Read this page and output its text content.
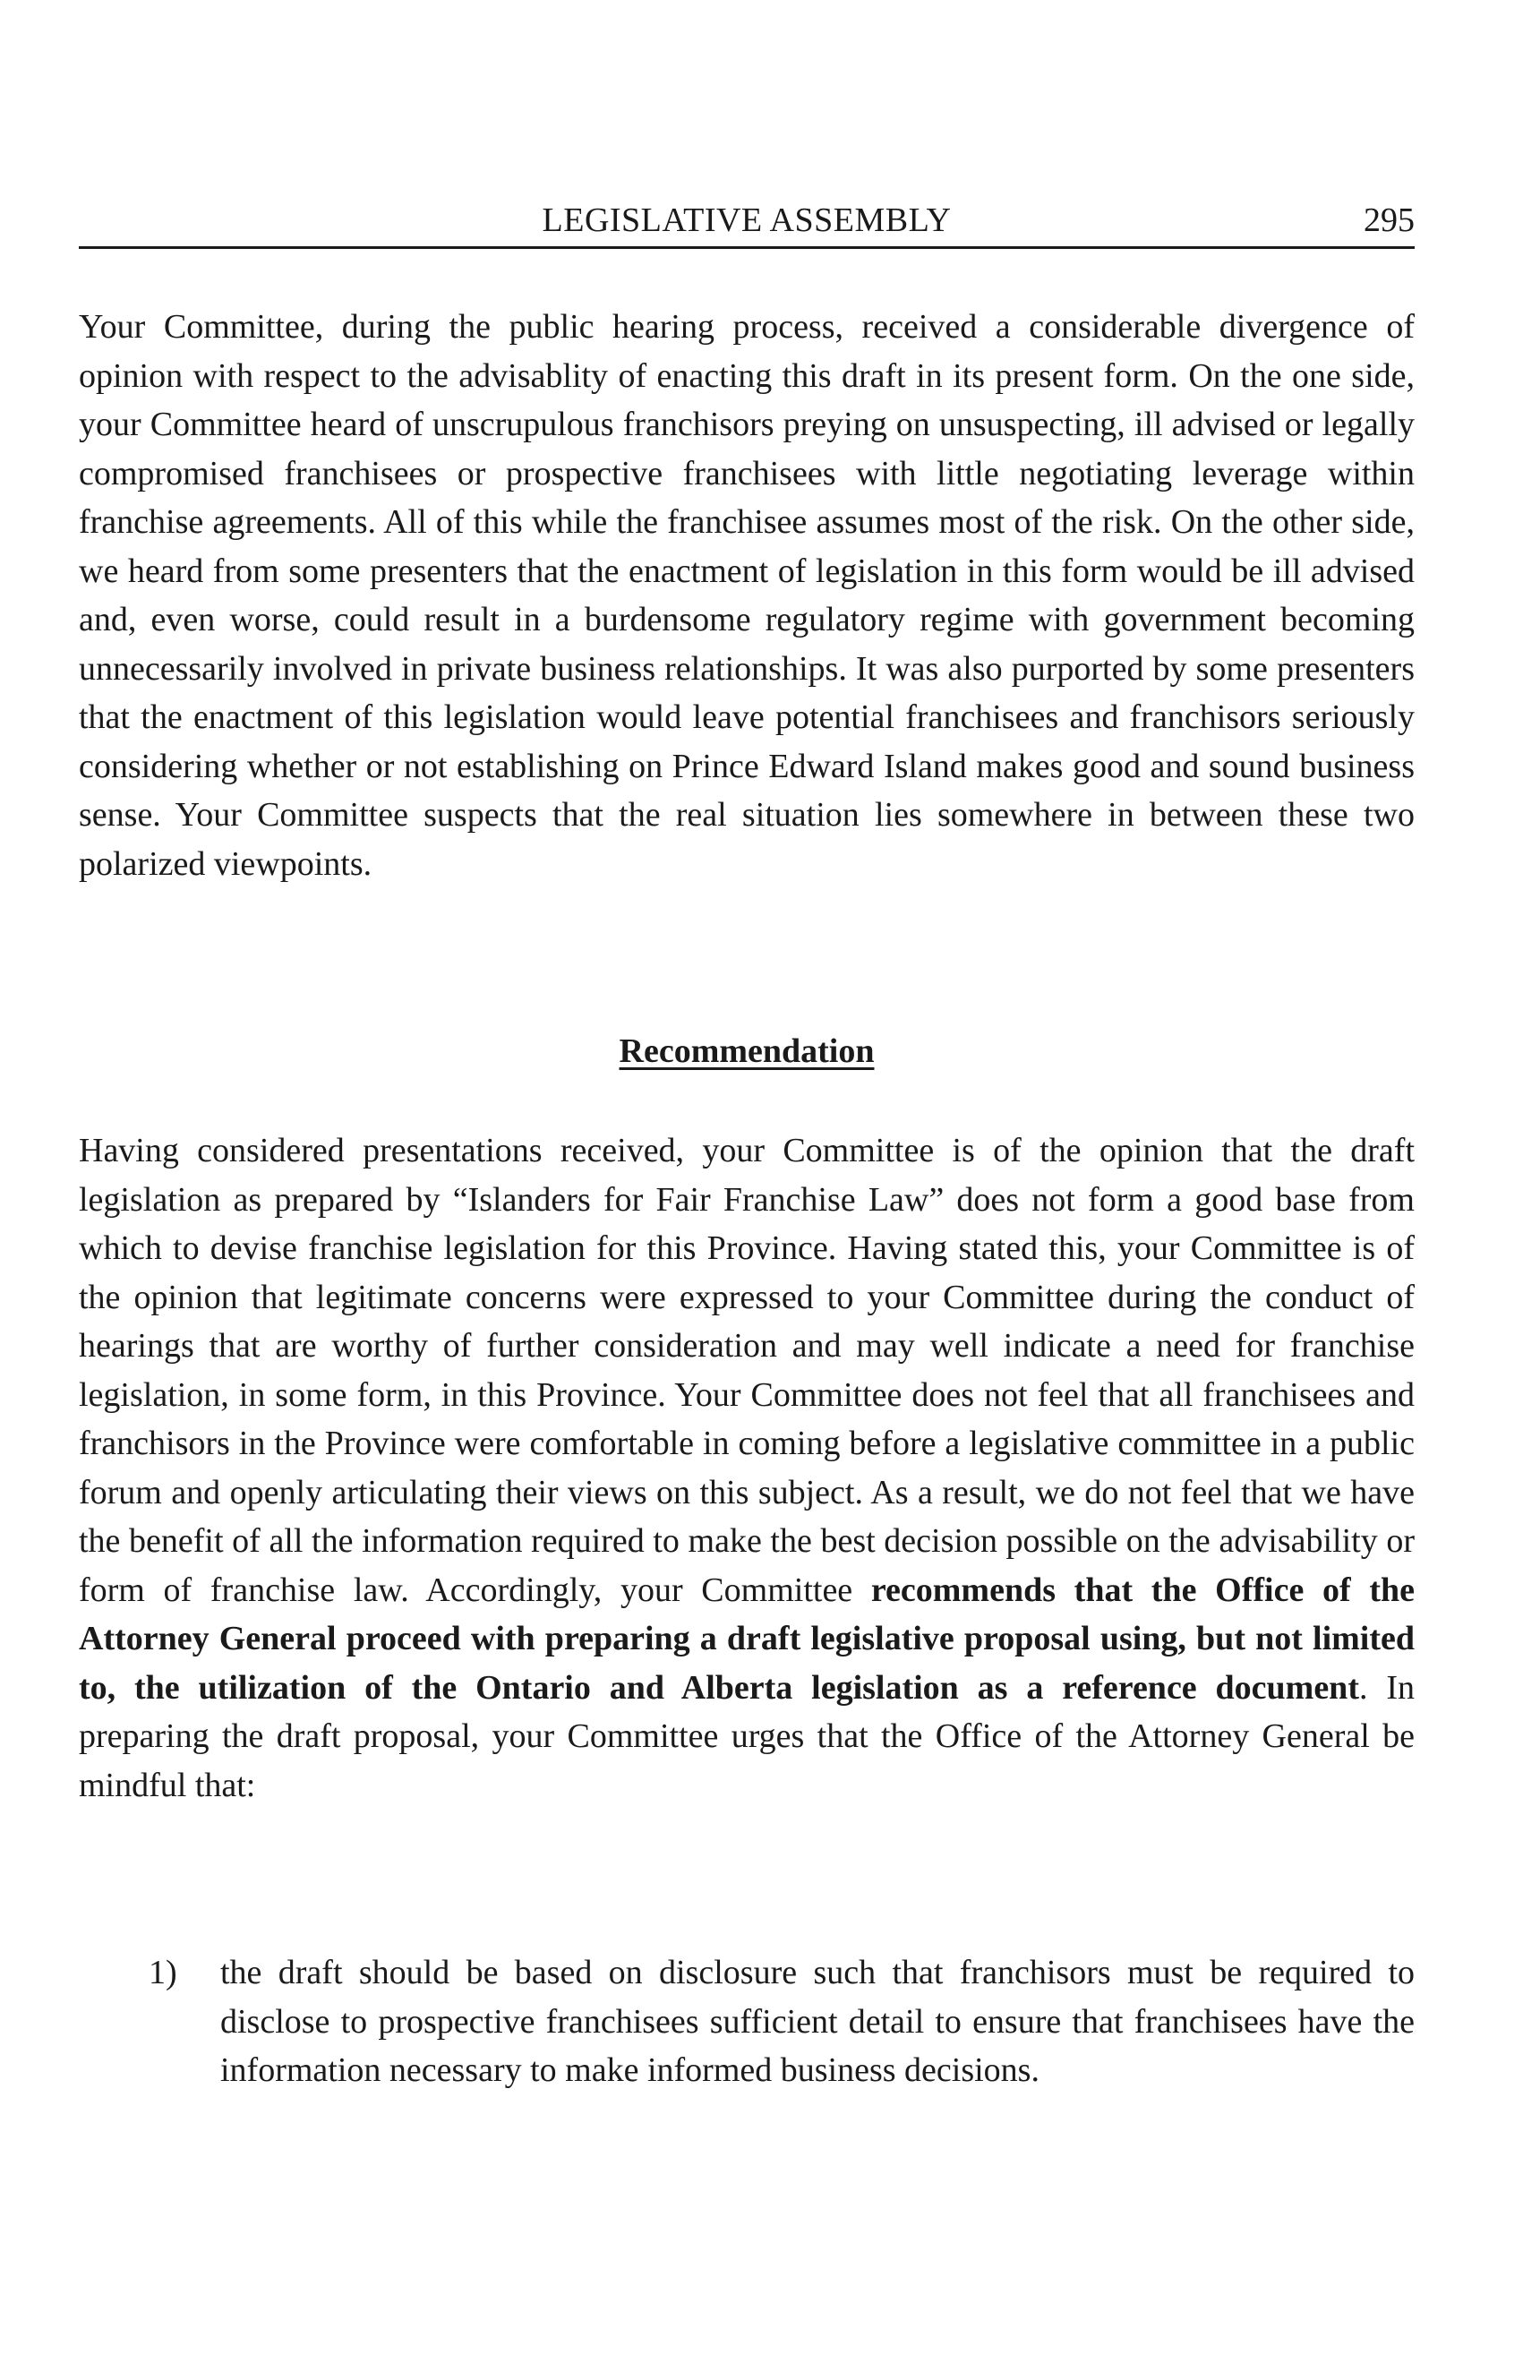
LEGISLATIVE ASSEMBLY	295

Your Committee, during the public hearing process, received a considerable divergence of opinion with respect to the advisablity of enacting this draft in its present form. On the one side, your Committee heard of unscrupulous franchisors preying on unsuspecting, ill advised or legally compromised franchisees or prospective franchisees with little negotiating leverage within franchise agreements. All of this while the franchisee assumes most of the risk. On the other side, we heard from some presenters that the enactment of legislation in this form would be ill advised and, even worse, could result in a burdensome regulatory regime with government becoming unnecessarily involved in private business relationships. It was also purported by some presenters that the enactment of this legislation would leave potential franchisees and franchisors seriously considering whether or not establishing on Prince Edward Island makes good and sound business sense. Your Committee suspects that the real situation lies somewhere in between these two polarized viewpoints.

Recommendation

Having considered presentations received, your Committee is of the opinion that the draft legislation as prepared by “Islanders for Fair Franchise Law” does not form a good base from which to devise franchise legislation for this Province. Having stated this, your Committee is of the opinion that legitimate concerns were expressed to your Committee during the conduct of hearings that are worthy of further consideration and may well indicate a need for franchise legislation, in some form, in this Province. Your Committee does not feel that all franchisees and franchisors in the Province were comfortable in coming before a legislative committee in a public forum and openly articulating their views on this subject. As a result, we do not feel that we have the benefit of all the information required to make the best decision possible on the advisability or form of franchise law. Accordingly, your Committee recommends that the Office of the Attorney General proceed with preparing a draft legislative proposal using, but not limited to, the utilization of the Ontario and Alberta legislation as a reference document. In preparing the draft proposal, your Committee urges that the Office of the Attorney General be mindful that:

1) the draft should be based on disclosure such that franchisors must be required to disclose to prospective franchisees sufficient detail to ensure that franchisees have the information necessary to make informed business decisions.
